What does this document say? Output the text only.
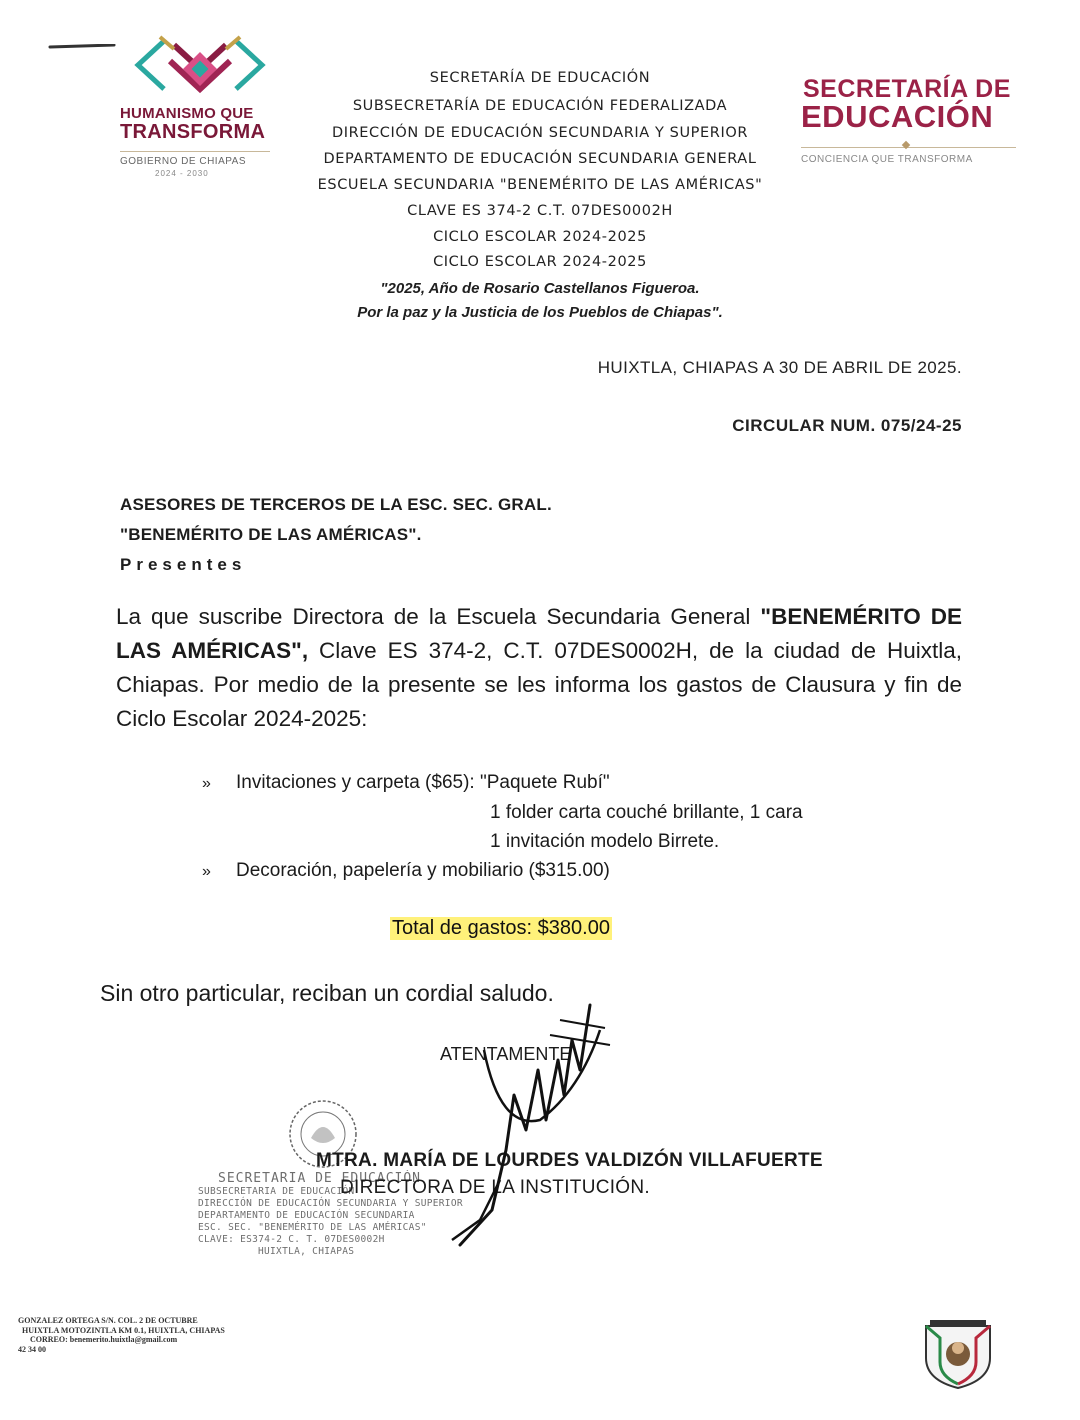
HUMANISMO QUE
TRANSFORMA
GOBIERNO DE CHIAPAS
2024 - 2030
SECRETARÍA DE
EDUCACIÓN
CONCIENCIA QUE TRANSFORMA
SECRETARÍA DE EDUCACIÓN
SUBSECRETARÍA DE EDUCACIÓN FEDERALIZADA
DIRECCIÓN DE EDUCACIÓN SECUNDARIA Y SUPERIOR
DEPARTAMENTO DE EDUCACIÓN SECUNDARIA GENERAL
ESCUELA SECUNDARIA "BENEMÉRITO DE LAS AMÉRICAS"
CLAVE ES 374-2 C.T. 07DES0002H
CICLO ESCOLAR 2024-2025
CICLO ESCOLAR 2024-2025
"2025, Año de Rosario Castellanos Figueroa.
Por la paz y la Justicia de los Pueblos de Chiapas".
HUIXTLA, CHIAPAS A 30 DE ABRIL DE 2025.
CIRCULAR NUM. 075/24-25
ASESORES DE TERCEROS DE LA ESC. SEC. GRAL.
"BENEMÉRITO DE LAS AMÉRICAS".
Presentes
La que suscribe Directora de la Escuela Secundaria General "BENEMÉRITO DE LAS AMÉRICAS", Clave ES 374-2, C.T. 07DES0002H, de la ciudad de Huixtla, Chiapas. Por medio de la presente se les informa los gastos de Clausura y fin de Ciclo Escolar 2024-2025:
» Invitaciones y carpeta ($65): "Paquete Rubí"
1 folder carta couché brillante, 1 cara
1 invitación modelo Birrete.
» Decoración, papelería y mobiliario ($315.00)
Total de gastos: $380.00
Sin otro particular, reciban un cordial saludo.
ATENTAMENTE
SECRETARIA DE EDUCACIÓN
SUBSECRETARIA DE EDUCACIÓN
DIRECCIÓN DE EDUCACIÓN SECUNDARIA Y SUPERIOR
DEPARTAMENTO DE EDUCACIÓN SECUNDARIA
ESC. SEC. "BENEMÉRITO DE LAS AMÉRICAS"
CLAVE: ES374-2 C. T. 07DES0002H
HUIXTLA, CHIAPAS
MTRA. MARÍA DE LOURDES VALDIZÓN VILLAFUERTE
DIRECTORA DE LA INSTITUCIÓN.
GONZALEZ ORTEGA S/N. COL. 2 DE OCTUBRE
HUIXTLA MOTOZINTLA KM 0.1, HUIXTLA, CHIAPAS
CORREO: benemerito.huixtla@gmail.com
42 34 00
